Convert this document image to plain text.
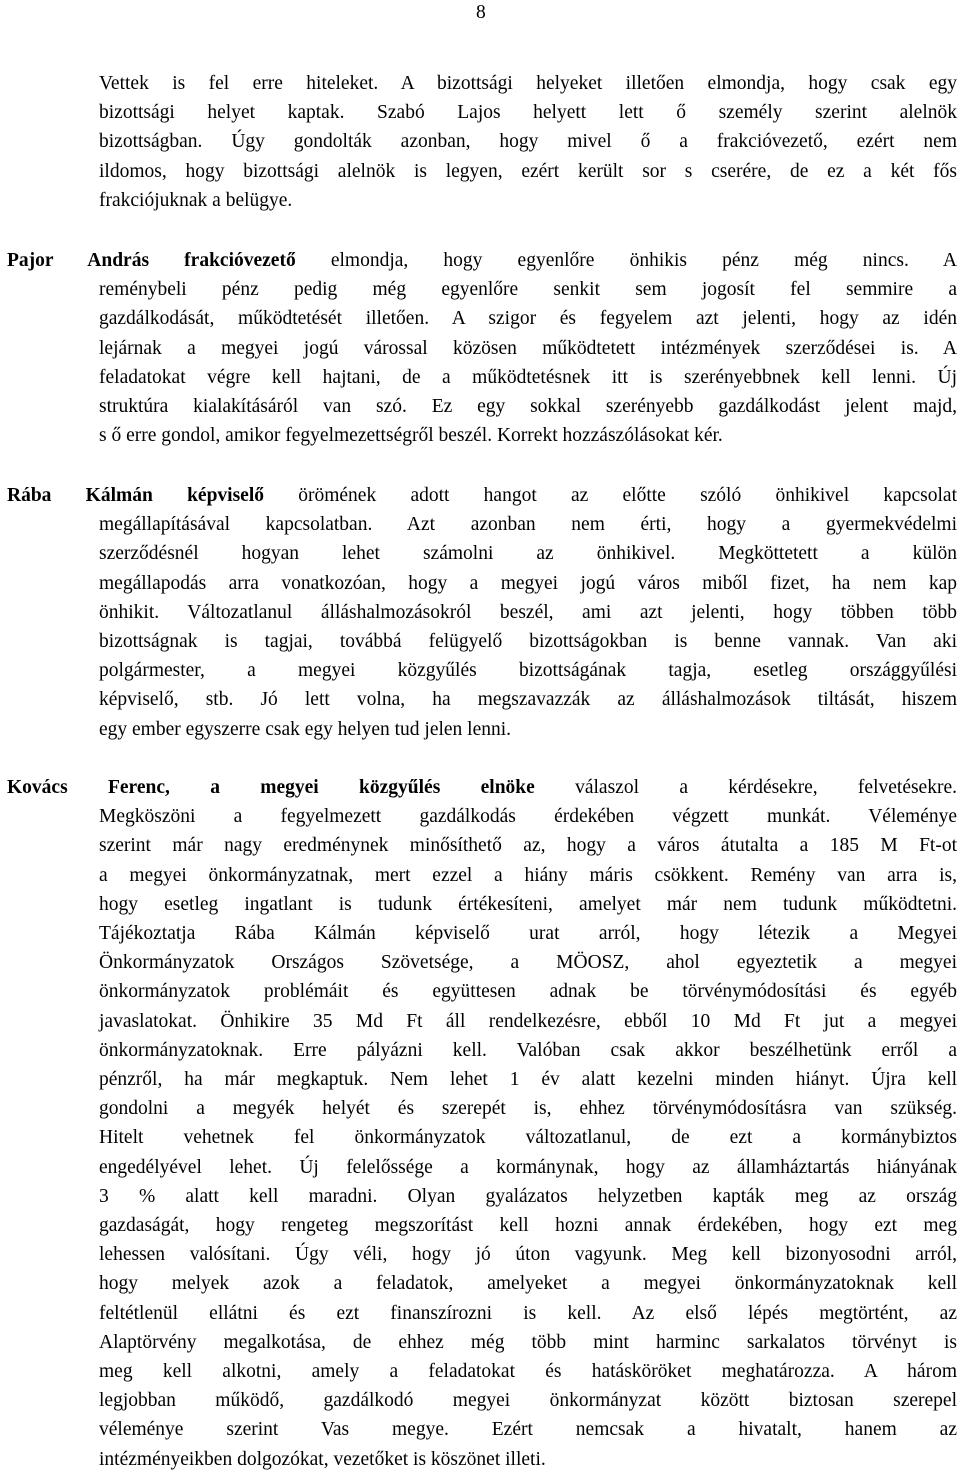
8
Vettek is fel erre hiteleket. A bizottsági helyeket illetően elmondja, hogy csak egy
bizottsági helyet kaptak. Szabó Lajos helyett lett ő személy szerint alelnök
bizottságban. Úgy gondolták azonban, hogy mivel ő a frakcióvezető, ezért nem
ildomos, hogy bizottsági alelnök is legyen, ezért került sor s cserére, de ez a két fős
frakciójuknak a belügye.
Pajor András frakcióvezető elmondja, hogy egyenlőre önhikis pénz még nincs. A
reménybeli pénz pedig még egyenlőre senkit sem jogosít fel semmire a
gazdálkodását, működtetését illetően. A szigor és fegyelem azt jelenti, hogy az idén
lejárnak a megyei jogú várossal közösen működtetett intézmények szerződései is. A
feladatokat végre kell hajtani, de a működtetésnek itt is szerényebbnek kell lenni. Új
struktúra kialakításáról van szó. Ez egy sokkal szerényebb gazdálkodást jelent majd,
s ő erre gondol, amikor fegyelmezettségről beszél. Korrekt hozzászólásokat kér.
Rába Kálmán képviselő örömének adott hangot az előtte szóló önhikivel kapcsolat
megállapításával kapcsolatban. Azt azonban nem érti, hogy a gyermekvédelmi
szerződésnél hogyan lehet számolni az önhikivel. Megköttetett a külön
megállapodás arra vonatkozóan, hogy a megyei jogú város miből fizet, ha nem kap
önhikit. Változatlanul álláshalmozásokról beszél, ami azt jelenti, hogy többen több
bizottságnak is tagjai, továbbá felügyelő bizottságokban is benne vannak. Van aki
polgármester, a megyei közgyűlés bizottságának tagja, esetleg országgyűlési
képviselő, stb. Jó lett volna, ha megszavazzák az álláshalmozások tiltását, hiszem
egy ember egyszerre csak egy helyen tud jelen lenni.
Kovács Ferenc, a megyei közgyűlés elnöke válaszol a kérdésekre, felvetésekre.
Megköszöni a fegyelmezett gazdálkodás érdekében végzett munkát. Véleménye
szerint már nagy eredménynek minősíthető az, hogy a város átutalta a 185 M Ft-ot
a megyei önkormányzatnak, mert ezzel a hiány máris csökkent. Remény van arra is,
hogy esetleg ingatlant is tudunk értékesíteni, amelyet már nem tudunk működtetni.
Tájékoztatja Rába Kálmán képviselő urat arról, hogy létezik a Megyei
Önkormányzatok Országos Szövetsége, a MÖOSZ, ahol egyeztetik a megyei
önkormányzatok problémáit és együttesen adnak be törvénymódosítási és egyéb
javaslatokat. Önhikire 35 Md Ft áll rendelkezésre, ebből 10 Md Ft jut a megyei
önkormányzatoknak. Erre pályázni kell. Valóban csak akkor beszélhetünk erről a
pénzről, ha már megkaptuk. Nem lehet 1 év alatt kezelni minden hiányt. Újra kell
gondolni a megyék helyét és szerepét is, ehhez törvénymódosításra van szükség.
Hitelt vehetnek fel önkormányzatok változatlanul, de ezt a kormánybiztos
engedélyével lehet. Új felelőssége a kormánynak, hogy az államháztartás hiányának
3 % alatt kell maradni. Olyan gyalázatos helyzetben kapták meg az ország
gazdaságát, hogy rengeteg megszorítást kell hozni annak érdekében, hogy ezt meg
lehessen valósítani. Úgy véli, hogy jó úton vagyunk. Meg kell bizonyosodni arról,
hogy melyek azok a feladatok, amelyeket a megyei önkormányzatoknak kell
feltétlenül ellátni és ezt finanszírozni is kell. Az első lépés megtörtént, az
Alaptörvény megalkotása, de ehhez még több mint harminc sarkalatos törvényt is
meg kell alkotni, amely a feladatokat és hatásköröket meghatározza. A három
legjobban működő, gazdálkodó megyei önkormányzat között biztosan szerepel
véleménye szerint Vas megye. Ezért nemcsak a hivatalt, hanem az
intézményeikben dolgozókat, vezetőket is köszönet illeti.
